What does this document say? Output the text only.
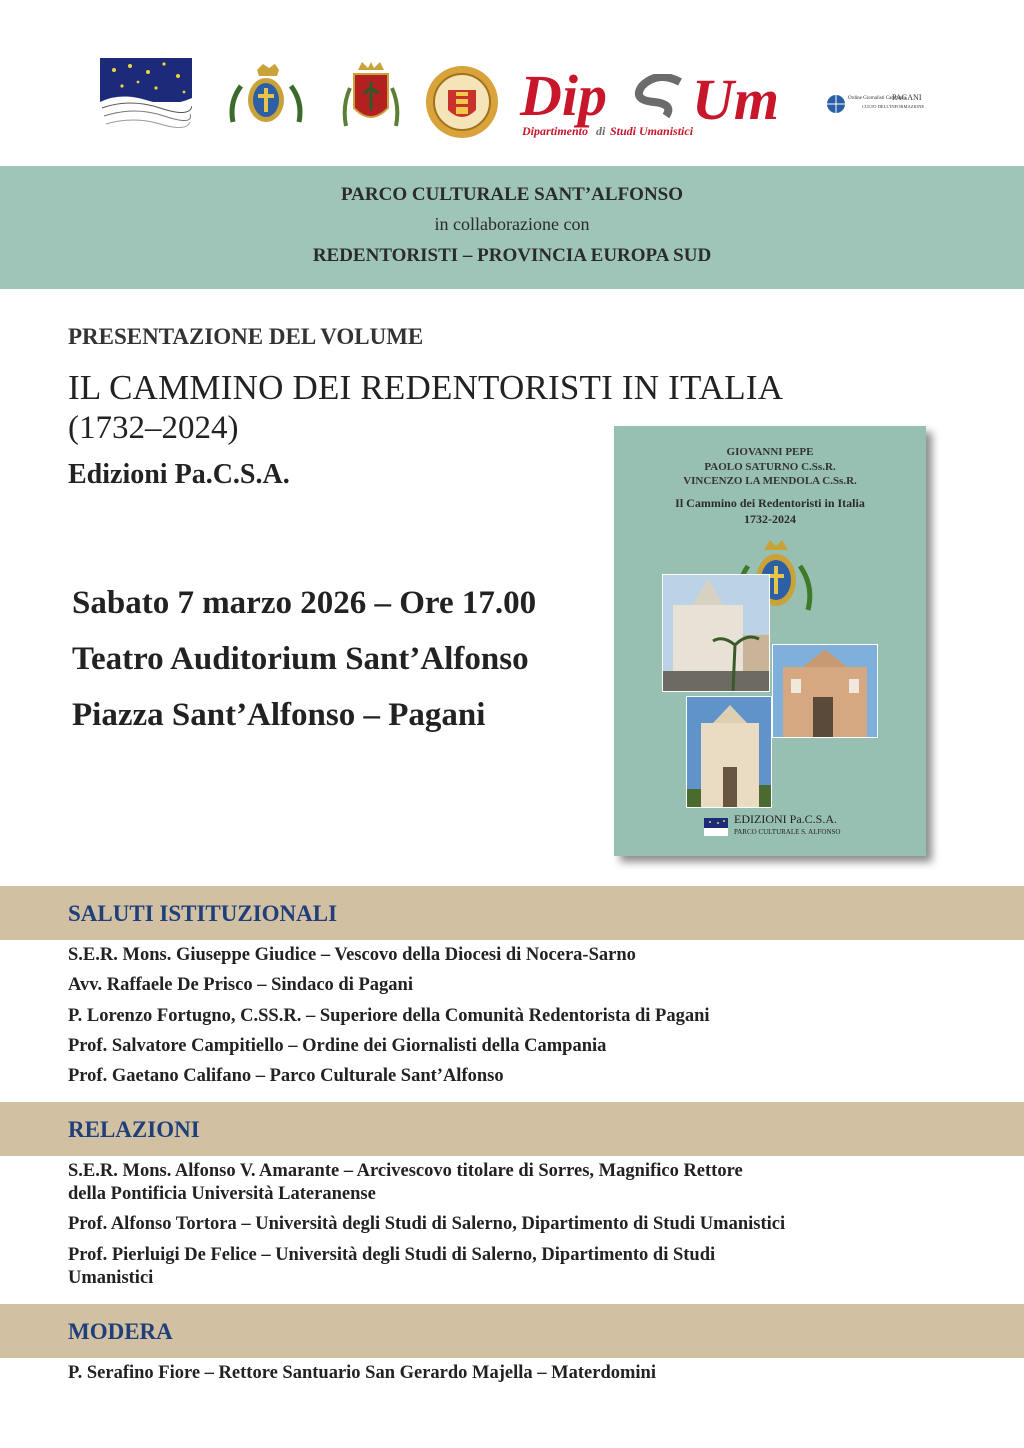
Dip Um
Dipartimento di Studi Umanistici
Ordine Giornalisti Campania
PAGANI
CULTO DELL'INFORMAZIONE
PARCO CULTURALE SANT’ALFONSO
in collaborazione con
REDENTORISTI – PROVINCIA EUROPA SUD
PRESENTAZIONE DEL VOLUME
IL CAMMINO DEI REDENTORISTI IN ITALIA
(1732–2024)
Edizioni Pa.C.S.A.
Sabato 7 marzo 2026 – Ore 17.00
Teatro Auditorium Sant’Alfonso
Piazza Sant’Alfonso – Pagani
GIOVANNI PEPE
PAOLO SATURNO C.Ss.R.
VINCENZO LA MENDOLA C.Ss.R.
Il Cammino dei Redentoristi in Italia
1732-2024
EDIZIONI Pa.C.S.A.
PARCO CULTURALE S. ALFONSO
SALUTI ISTITUZIONALI
S.E.R. Mons. Giuseppe Giudice – Vescovo della Diocesi di Nocera-Sarno
Avv. Raffaele De Prisco – Sindaco di Pagani
P. Lorenzo Fortugno, C.SS.R. – Superiore della Comunità Redentorista di Pagani
Prof. Salvatore Campitiello – Ordine dei Giornalisti della Campania
Prof. Gaetano Califano – Parco Culturale Sant’Alfonso
RELAZIONI
S.E.R. Mons. Alfonso V. Amarante – Arcivescovo titolare di Sorres, Magnifico Rettore
della Pontificia Università Lateranense
Prof. Alfonso Tortora – Università degli Studi di Salerno, Dipartimento di Studi Umanistici
Prof. Pierluigi De Felice – Università degli Studi di Salerno, Dipartimento di Studi
Umanistici
MODERA
P. Serafino Fiore – Rettore Santuario San Gerardo Majella – Materdomini
